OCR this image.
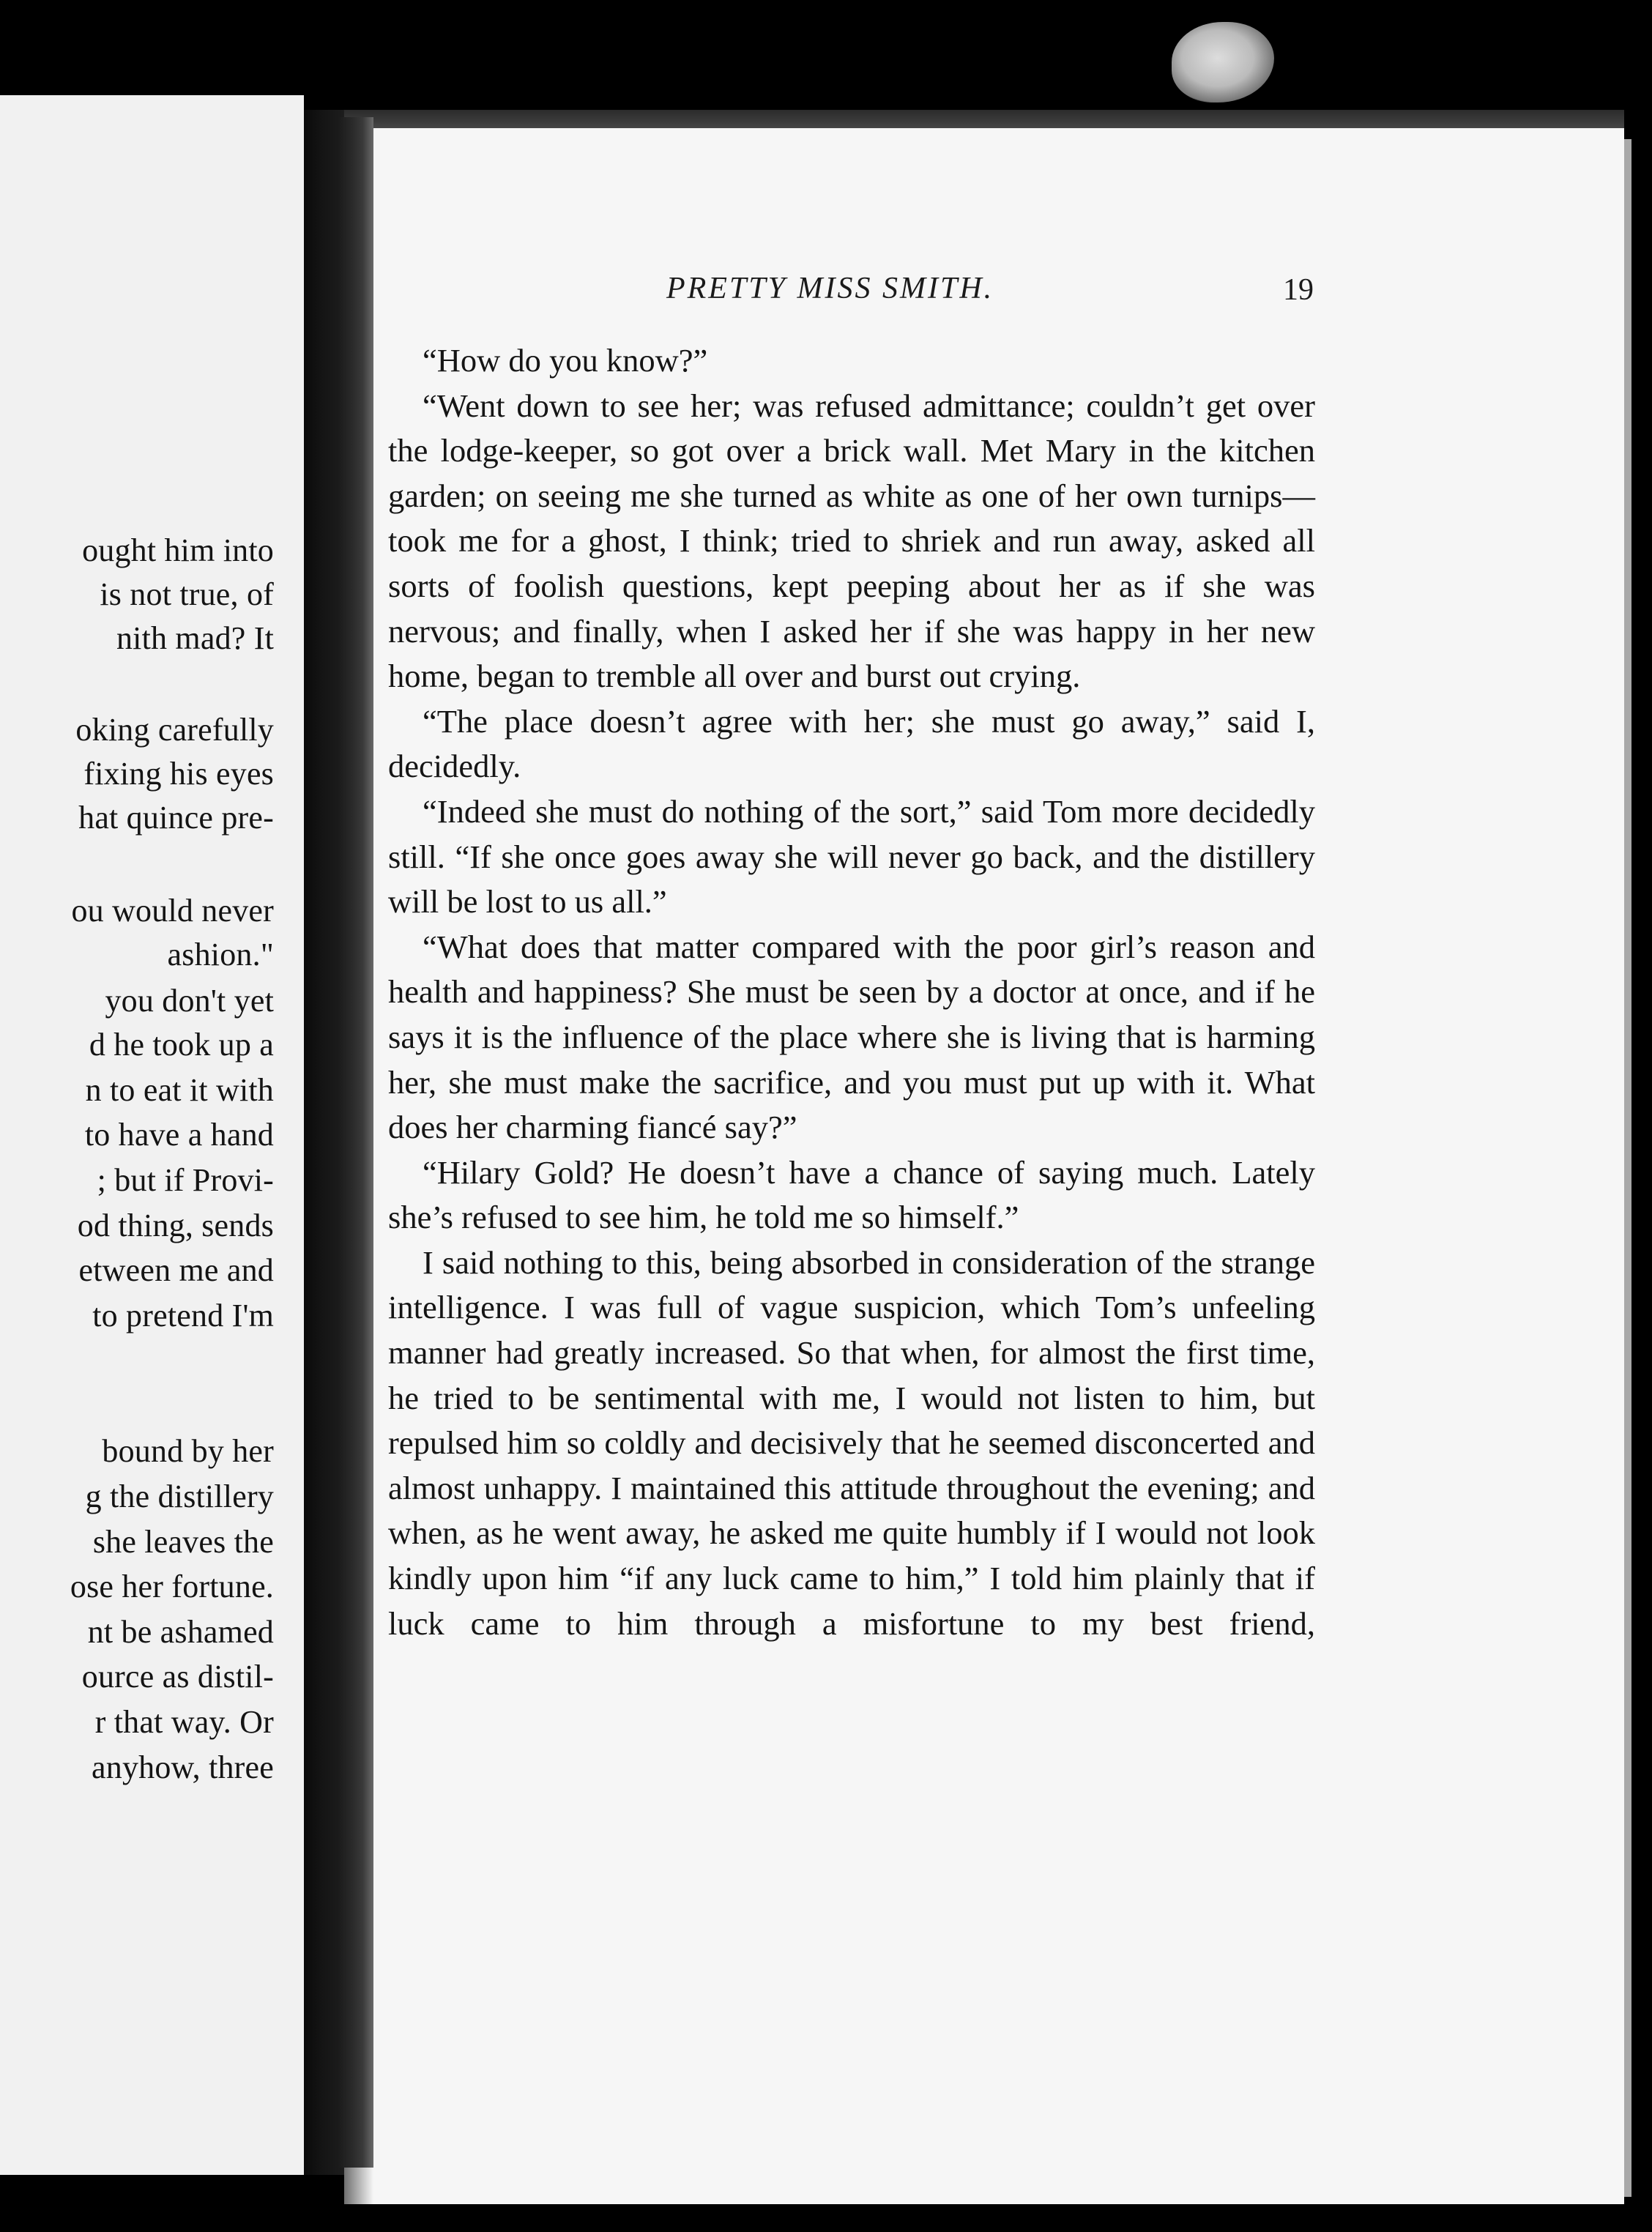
ought him into
is not true, of
nith mad? It
oking carefully
fixing his eyes
hat quince pre-
ou would never
ashion."
you don't yet
d he took up a
n to eat it with
to have a hand
; but if Provi-
od thing, sends
etween me and
to pretend I'm
bound by her
g the distillery
she leaves the
ose her fortune.
nt be ashamed
ource as distil-
r that way. Or
anyhow, three
PRETTY MISS SMITH.	19

“How do you know?”

“Went down to see her; was refused admittance; couldn’t get over the lodge-keeper, so got over a brick wall. Met Mary in the kitchen garden; on seeing me she turned as white as one of her own turnips—took me for a ghost, I think; tried to shriek and run away, asked all sorts of foolish questions, kept peeping about her as if she was nervous; and finally, when I asked her if she was happy in her new home, began to tremble all over and burst out crying.

“The place doesn’t agree with her; she must go away,” said I, decidedly.

“Indeed she must do nothing of the sort,” said Tom more decidedly still. “If she once goes away she will never go back, and the distillery will be lost to us all.”

“What does that matter compared with the poor girl’s reason and health and happiness? She must be seen by a doctor at once, and if he says it is the influence of the place where she is living that is harming her, she must make the sacrifice, and you must put up with it. What does her charming fiancé say?”

“Hilary Gold? He doesn’t have a chance of saying much. Lately she’s refused to see him, he told me so himself.”

I said nothing to this, being absorbed in consideration of the strange intelligence. I was full of vague suspicion, which Tom’s unfeeling manner had greatly increased. So that when, for almost the first time, he tried to be sentimental with me, I would not listen to him, but repulsed him so coldly and decisively that he seemed disconcerted and almost unhappy. I maintained this attitude throughout the evening; and when, as he went away, he asked me quite humbly if I would not look kindly upon him “if any luck came to him,” I told him plainly that if luck came to him through a misfortune to my best friend,
